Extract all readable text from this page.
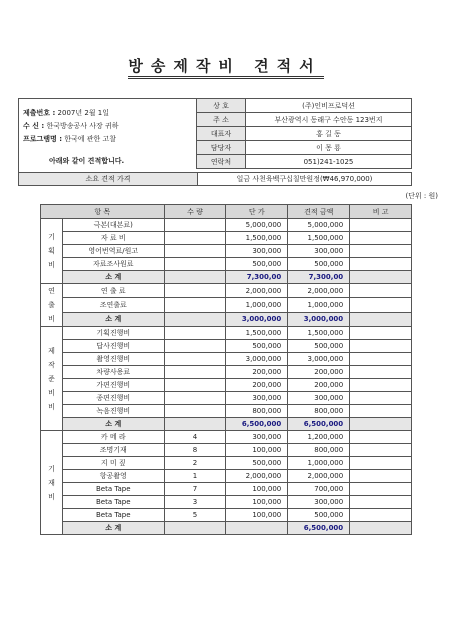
방송제작비 견적서
제출번호 : 2007년 2월 1일
수 신 : 한국방송공사 사장 귀하
프로그램명 : 한국에 관한 고찰
아래와 같이 견적합니다.
상 호	(주)인비프로덕션
주 소	부산광역시 동래구 수안동 123번지
대표자	홍 길 동
담당자	이 몽 룡
연락처	051)241-1025
소요 견적 가격	일금 사천육백구십칠만원정(₩46,970,000)
(단위 : 원)
항 목		수 량	단 가	견적 금액	비 고
기
획
비	극본(대본료)		5,000,000	5,000,000	
	자 료 비		1,500,000	1,500,000	
	영어번역료/원고		300,000	300,000	
	자료조사원료		500,000	500,000	
	소 계		7,300,00	7,300,00	
연
출
비	연 출 료		2,000,000	2,000,000	
	조연출료		1,000,000	1,000,000	
	소 계		3,000,000	3,000,000	
제
작
준
비
비	기획진행비		1,500,000	1,500,000	
	답사진행비		500,000	500,000	
	촬영진행비		3,000,000	3,000,000	
	차량사용료		200,000	200,000	
	가편진행비		200,000	200,000	
	종편진행비		300,000	300,000	
	녹음진행비		800,000	800,000	
	소 계		6,500,000	6,500,000	
기
재
비	카 메 라	4	300,000	1,200,000	
	조명기재	8	100,000	800,000	
	지 미 짚	2	500,000	1,000,000	
	항공촬영	1	2,000,000	2,000,000	
	Beta Tape	7	100,000	700,000	
	Beta Tape	3	100,000	300,000	
	Beta Tape	5	100,000	500,000	
	소 계			6,500,000	
